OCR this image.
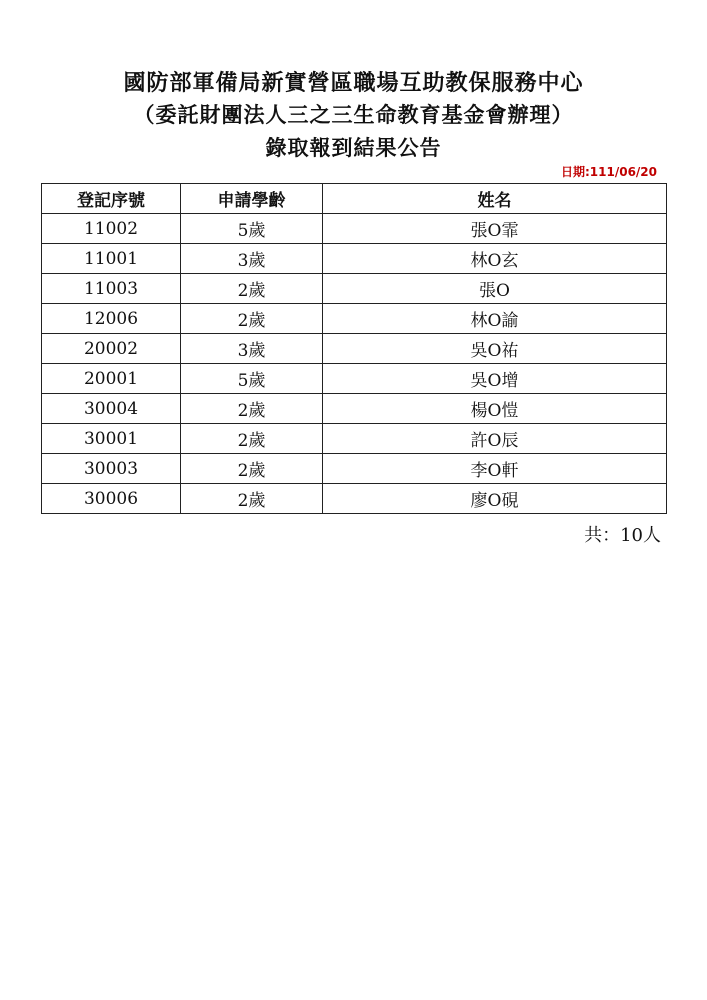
國防部軍備局新實營區職場互助教保服務中心
（委託財團法人三之三生命教育基金會辦理）
錄取報到結果公告
日期:111/06/20
登記序號	申請學齡	姓名
11002	5歲	張O霏
11001	3歲	林O玄
11003	2歲	張O
12006	2歲	林O諭
20002	3歲	吳O祐
20001	5歲	吳O增
30004	2歲	楊O愷
30001	2歲	許O辰
30003	2歲	李O軒
30006	2歲	廖O硯
共：10人
